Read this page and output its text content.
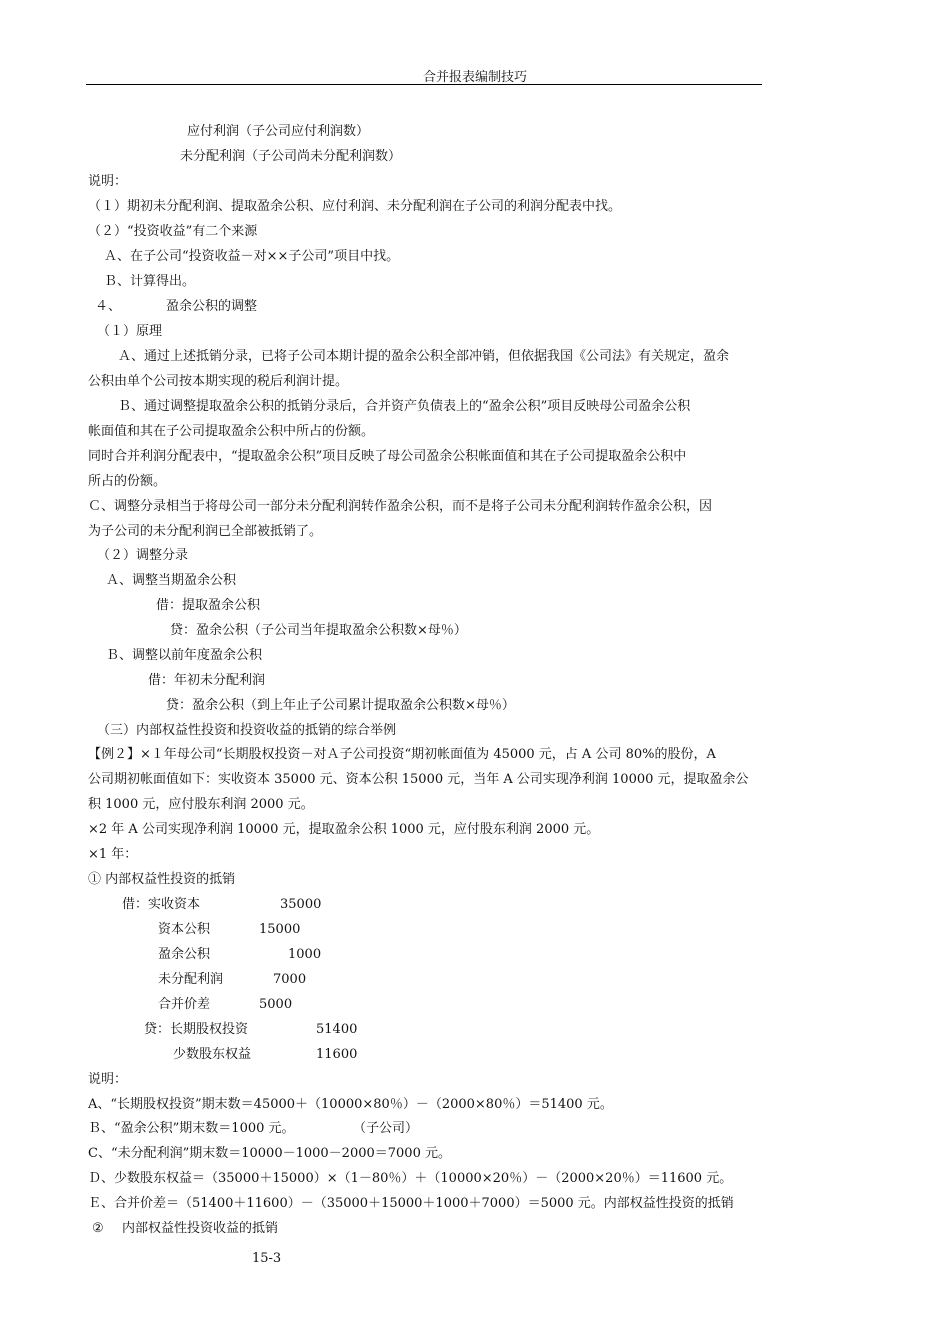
合并报表编制技巧
应付利润（子公司应付利润数）
未分配利润（子公司尚未分配利润数）
说明：
（１）期初未分配利润、提取盈余公积、应付利润、未分配利润在子公司的利润分配表中找。
（２）“投资收益”有二个来源
Ａ、在子公司“投资收益－对××子公司”项目中找。
Ｂ、计算得出。
４、	盈余公积的调整
（１）原理
Ａ、通过上述抵销分录，已将子公司本期计提的盈余公积全部冲销，但依据我国《公司法》有关规定，盈余
公积由单个公司按本期实现的税后利润计提。
Ｂ、通过调整提取盈余公积的抵销分录后，合并资产负债表上的“盈余公积”项目反映母公司盈余公积
帐面值和其在子公司提取盈余公积中所占的份额。
同时合并利润分配表中，“提取盈余公积”项目反映了母公司盈余公积帐面值和其在子公司提取盈余公积中
所占的份额。
Ｃ、调整分录相当于将母公司一部分未分配利润转作盈余公积，而不是将子公司未分配利润转作盈余公积，因
为子公司的未分配利润已全部被抵销了。
（２）调整分录
Ａ、调整当期盈余公积
借：提取盈余公积
贷：盈余公积（子公司当年提取盈余公积数×母％）
Ｂ、调整以前年度盈余公积
借：年初未分配利润
贷：盈余公积（到上年止子公司累计提取盈余公积数×母％）
（三）内部权益性投资和投资收益的抵销的综合举例
【例２】×１年母公司“长期股权投资－对Ａ子公司投资“期初帐面值为 45000 元，占 A 公司 80%的股份，A
公司期初帐面值如下：实收资本 35000 元、资本公积 15000 元，当年 A 公司实现净利润 10000 元，提取盈余公
积 1000 元，应付股东利润 2000 元。
×2 年 A 公司实现净利润 10000 元，提取盈余公积 1000 元，应付股东利润 2000 元。
×1 年：
① 内部权益性投资的抵销
借：实收资本	35000
资本公积	15000
盈余公积	1000
未分配利润	7000
合并价差	5000
贷：长期股权投资	51400
少数股东权益	11600
说明：
A、“长期股权投资”期末数＝45000＋（10000×80％）－（2000×80％）＝51400 元。
Ｂ、“盈余公积”期末数＝1000 元。	（子公司）
C、“未分配利润”期末数＝10000－1000－2000＝7000 元。
Ｄ、少数股东权益＝（35000＋15000）×（1－80％）＋（10000×20％）－（2000×20％）＝11600 元。
Ｅ、合并价差＝（51400＋11600）－（35000＋15000＋1000＋7000）＝5000 元。内部权益性投资的抵销
② 内部权益性投资收益的抵销
15-3
